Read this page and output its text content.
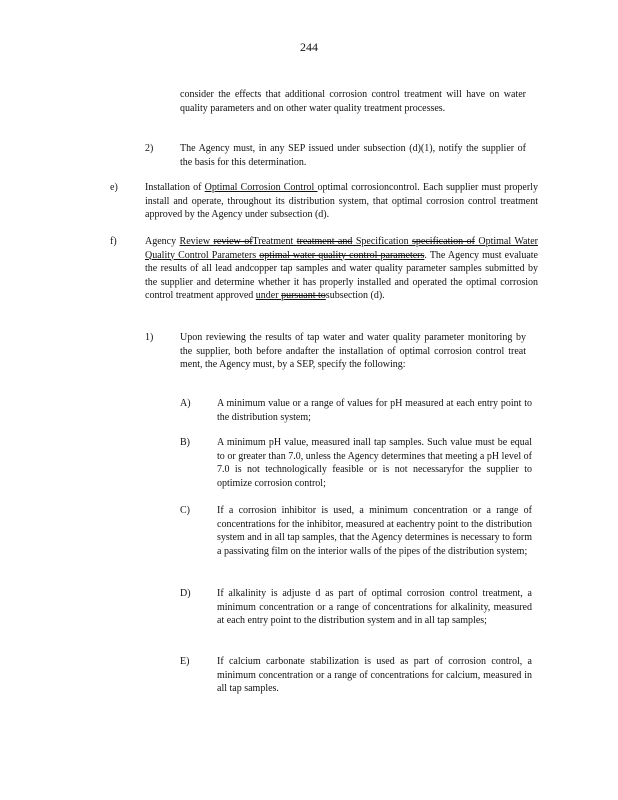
244

consider the effects that additional corrosion control treatment will have on water quality parameters and on other water quality treatment processes.

2)	The Agency must, in any SEP issued under subsection (d)(1), notify the supplier of the basis for this determination.

e)	Installation of Optimal Corrosion Control optimal corrosioncontrol. Each supplier must properly install and operate, throughout its distribution system, that optimal corrosion control treatment approved by the Agency under subsection (d).

f)	Agency Review review ofTreatment treatment and Specification specification of Optimal Water Quality Control Parameters optimal water quality control parameters. The Agency must evaluate the results of all lead andcopper tap samples and water quality parameter samples submitted by the supplier and determine whether it has properly installed and operated the optimal corrosion control treatment approved under pursuant tosubsection (d).

1)	Upon reviewing the results of tap water and water quality parameter monitoring by the supplier, both before andafter the installation of optimal corrosion control treat ment, the Agency must, by a SEP, specify the following:

A)	A minimum value or a range of values for pH measured at each entry point to the distribution system;

B)	A minimum pH value, measured inall tap samples. Such value must be equal to or greater than 7.0, unless the Agency determines that meeting a pH level of 7.0 is not technologically feasible or is not necessaryfor the supplier to optimize corrosion control;

C)	If a corrosion inhibitor is used, a minimum concentration or a range of concentrations for the inhibitor, measured at eachentry point to the distribution system and in all tap samples, that the Agency determines is necessary to form a passivating film on the interior walls of the pipes of the distribution system;

D)	If alkalinity is adjuste d as part of optimal corrosion control treatment, a minimum concentration or a range of concentrations for alkalinity, measured at each entry point to the distribution system and in all tap samples;

E)	If calcium carbonate stabilization is used as part of corrosion control, a minimum concentration or a range of concentrations for calcium, measured in all tap samples.
